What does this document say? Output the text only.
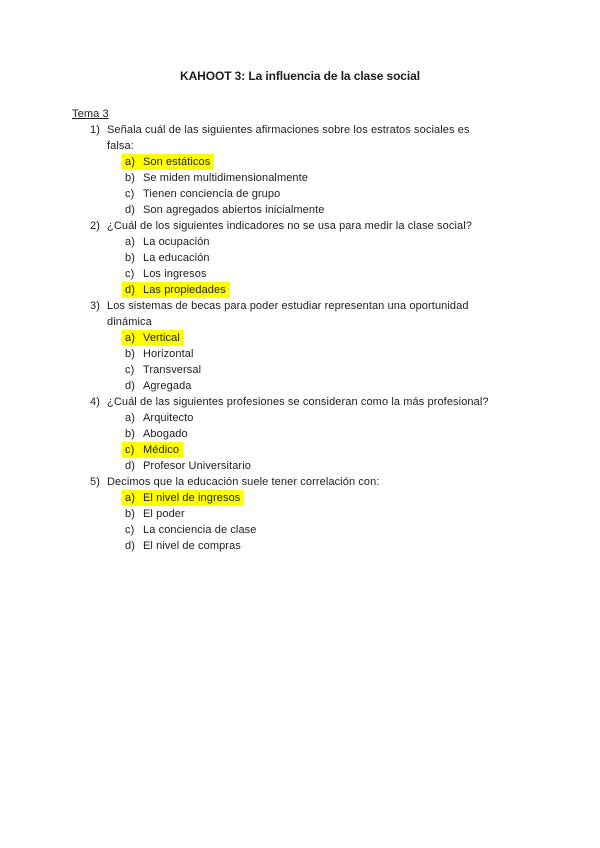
KAHOOT 3: La influencia de la clase social
Tema 3
1) Señala cuál de las siguientes afirmaciones sobre los estratos sociales es
falsa:
a) Son estáticos
b) Se miden multidimensionalmente
c) Tienen conciencia de grupo
d) Son agregados abiertos inicialmente
2) ¿Cuál de los siguientes indicadores no se usa para medir la clase social?
a) La ocupación
b) La educación
c) Los ingresos
d) Las propiedades
3) Los sistemas de becas para poder estudiar representan una oportunidad
dinámica
a) Vertical
b) Horizontal
c) Transversal
d) Agregada
4) ¿Cuál de las siguientes profesiones se consideran como la más profesional?
a) Arquitecto
b) Abogado
c) Médico
d) Profesor Universitario
5) Decimos que la educación suele tener correlación con:
a) El nivel de ingresos
b) El poder
c) La conciencia de clase
d) El nivel de compras
